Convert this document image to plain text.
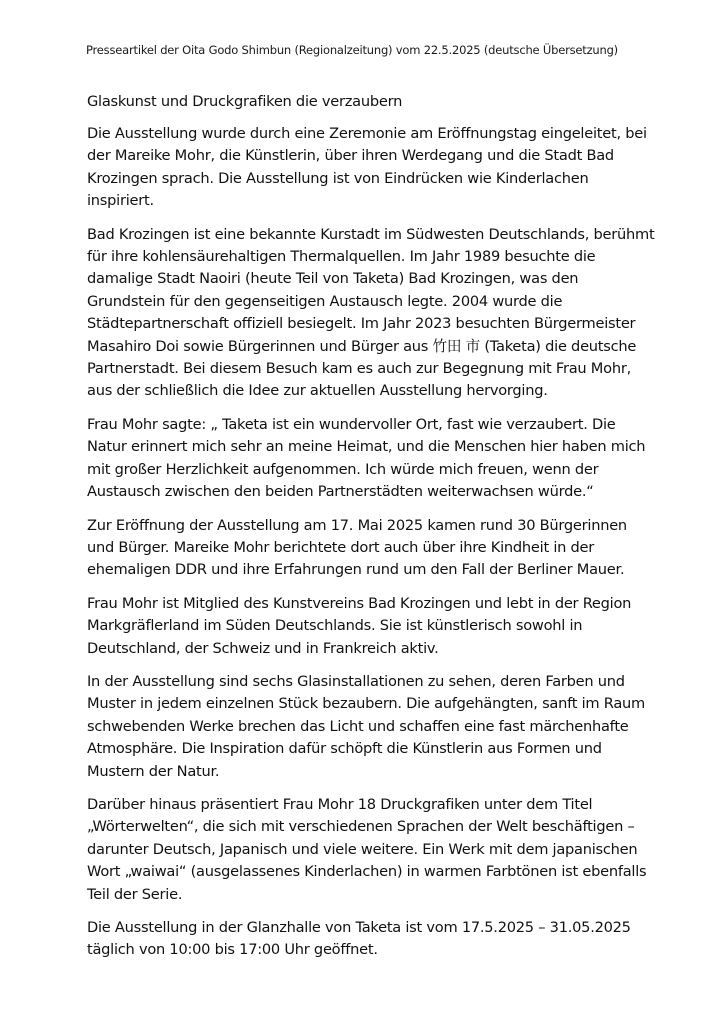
Presseartikel der Oita Godo Shimbun (Regionalzeitung) vom 22.5.2025 (deutsche Übersetzung)
Glaskunst und Druckgrafiken die verzaubern

Die Ausstellung wurde durch eine Zeremonie am Eröffnungstag eingeleitet, bei
der Mareike Mohr, die Künstlerin, über ihren Werdegang und die Stadt Bad
Krozingen sprach. Die Ausstellung ist von Eindrücken wie Kinderlachen
inspiriert.

Bad Krozingen ist eine bekannte Kurstadt im Südwesten Deutschlands, berühmt
für ihre kohlensäurehaltigen Thermalquellen. Im Jahr 1989 besuchte die
damalige Stadt Naoiri (heute Teil von Taketa) Bad Krozingen, was den
Grundstein für den gegenseitigen Austausch legte. 2004 wurde die
Städtepartnerschaft offiziell besiegelt. Im Jahr 2023 besuchten Bürgermeister
Masahiro Doi sowie Bürgerinnen und Bürger aus 竹田 市 (Taketa) die deutsche
Partnerstadt. Bei diesem Besuch kam es auch zur Begegnung mit Frau Mohr,
aus der schließlich die Idee zur aktuellen Ausstellung hervorging.

Frau Mohr sagte: „ Taketa ist ein wundervoller Ort, fast wie verzaubert. Die
Natur erinnert mich sehr an meine Heimat, und die Menschen hier haben mich
mit großer Herzlichkeit aufgenommen. Ich würde mich freuen, wenn der
Austausch zwischen den beiden Partnerstädten weiterwachsen würde.“

Zur Eröffnung der Ausstellung am 17. Mai 2025 kamen rund 30 Bürgerinnen
und Bürger. Mareike Mohr berichtete dort auch über ihre Kindheit in der
ehemaligen DDR und ihre Erfahrungen rund um den Fall der Berliner Mauer.

Frau Mohr ist Mitglied des Kunstvereins Bad Krozingen und lebt in der Region
Markgräflerland im Süden Deutschlands. Sie ist künstlerisch sowohl in
Deutschland, der Schweiz und in Frankreich aktiv.

In der Ausstellung sind sechs Glasinstallationen zu sehen, deren Farben und
Muster in jedem einzelnen Stück bezaubern. Die aufgehängten, sanft im Raum
schwebenden Werke brechen das Licht und schaffen eine fast märchenhafte
Atmosphäre. Die Inspiration dafür schöpft die Künstlerin aus Formen und
Mustern der Natur.

Darüber hinaus präsentiert Frau Mohr 18 Druckgrafiken unter dem Titel
„Wörterwelten“, die sich mit verschiedenen Sprachen der Welt beschäftigen –
darunter Deutsch, Japanisch und viele weitere. Ein Werk mit dem japanischen
Wort „waiwai“ (ausgelassenes Kinderlachen) in warmen Farbtönen ist ebenfalls
Teil der Serie.

Die Ausstellung in der Glanzhalle von Taketa ist vom 17.5.2025 – 31.05.2025
täglich von 10:00 bis 17:00 Uhr geöffnet.
